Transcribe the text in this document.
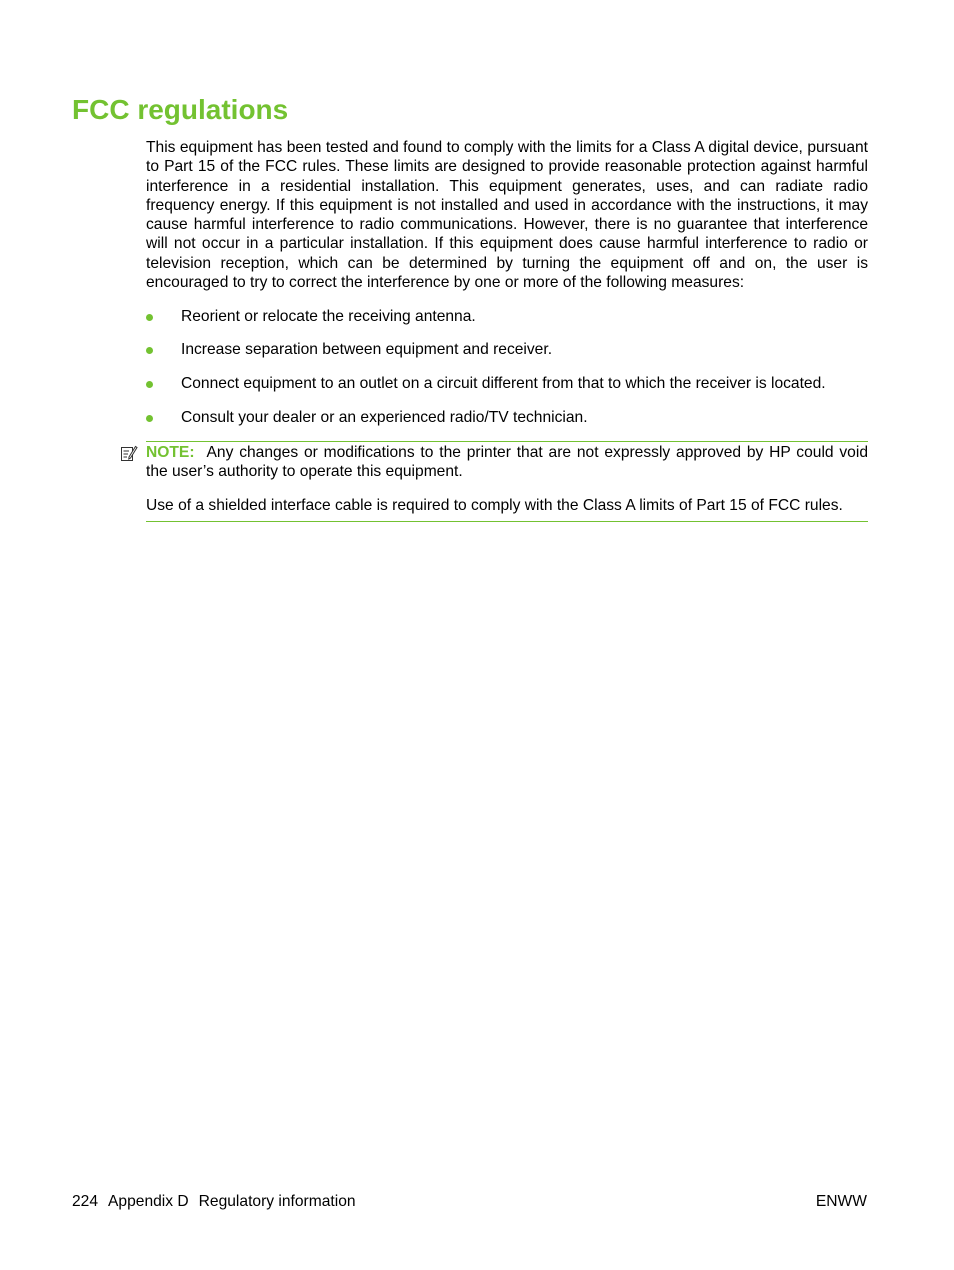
FCC regulations

This equipment has been tested and found to comply with the limits for a Class A digital device, pursuant to Part 15 of the FCC rules. These limits are designed to provide reasonable protection against harmful interference in a residential installation. This equipment generates, uses, and can radiate radio frequency energy. If this equipment is not installed and used in accordance with the instructions, it may cause harmful interference to radio communications. However, there is no guarantee that interference will not occur in a particular installation. If this equipment does cause harmful interference to radio or television reception, which can be determined by turning the equipment off and on, the user is encouraged to try to correct the interference by one or more of the following measures:

Reorient or relocate the receiving antenna.
Increase separation between equipment and receiver.
Connect equipment to an outlet on a circuit different from that to which the receiver is located.
Consult your dealer or an experienced radio/TV technician.

NOTE: Any changes or modifications to the printer that are not expressly approved by HP could void the user’s authority to operate this equipment.

Use of a shielded interface cable is required to comply with the Class A limits of Part 15 of FCC rules.

224 Appendix D Regulatory information	ENWW
